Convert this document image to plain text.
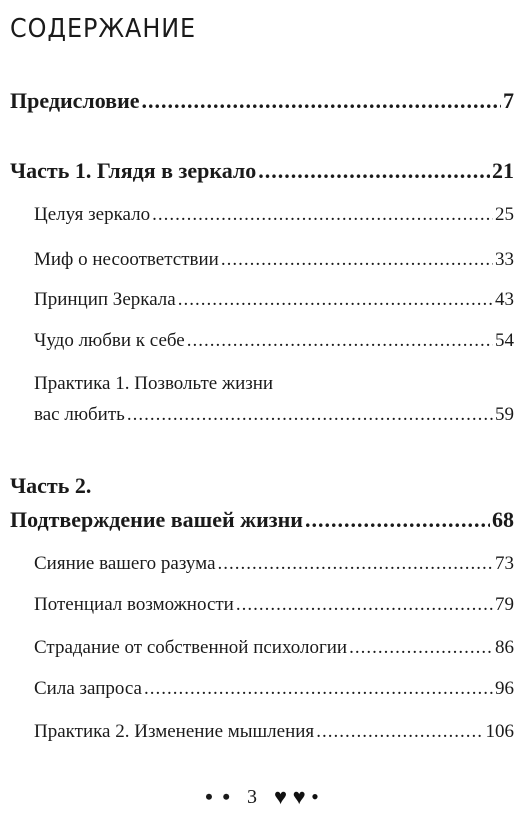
СОДЕРЖАНИЕ
Предисловие .....	7
Часть 1. Глядя в зеркало .....	21
Целуя зеркало .....	25
Миф о несоответствии .....	33
Принцип Зеркала .....	43
Чудо любви к себе .....	54
Практика 1. Позвольте жизни
вас любить .....	59
Часть 2.
Подтверждение вашей жизни .....	68
Сияние вашего разума .....	73
Потенциал возможности .....	79
Страдание от собственной психологии .....	86
Сила запроса .....	96
Практика 2. Изменение мышления .....	106
• • 3 ♥ ♥ •
